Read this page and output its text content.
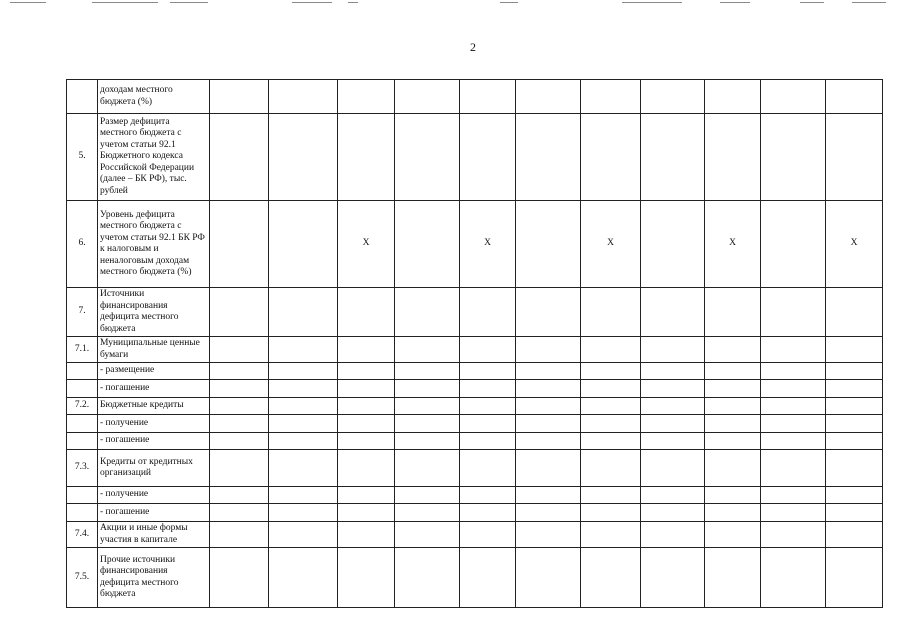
2
	доходам местного бюджета (%)											
5.	Размер дефицита местного бюджета с учетом статьи 92.1 Бюджетного кодекса Российской Федерации (далее – БК РФ), тыс. рублей											
6.	Уровень дефицита местного бюджета с учетом статьи 92.1 БК РФ к налоговым и неналоговым доходам местного бюджета (%)			X		X		X		X		X
7.	Источники финансирования дефицита местного бюджета											
7.1.	Муниципальные ценные бумаги											
	- размещение											
	- погашение											
7.2.	Бюджетные кредиты											
	- получение											
	- погашение											
7.3.	Кредиты от кредитных организаций											
	- получение											
	- погашение											
7.4.	Акции и иные формы участия в капитале											
7.5.	Прочие источники финансирования дефицита местного бюджета											
